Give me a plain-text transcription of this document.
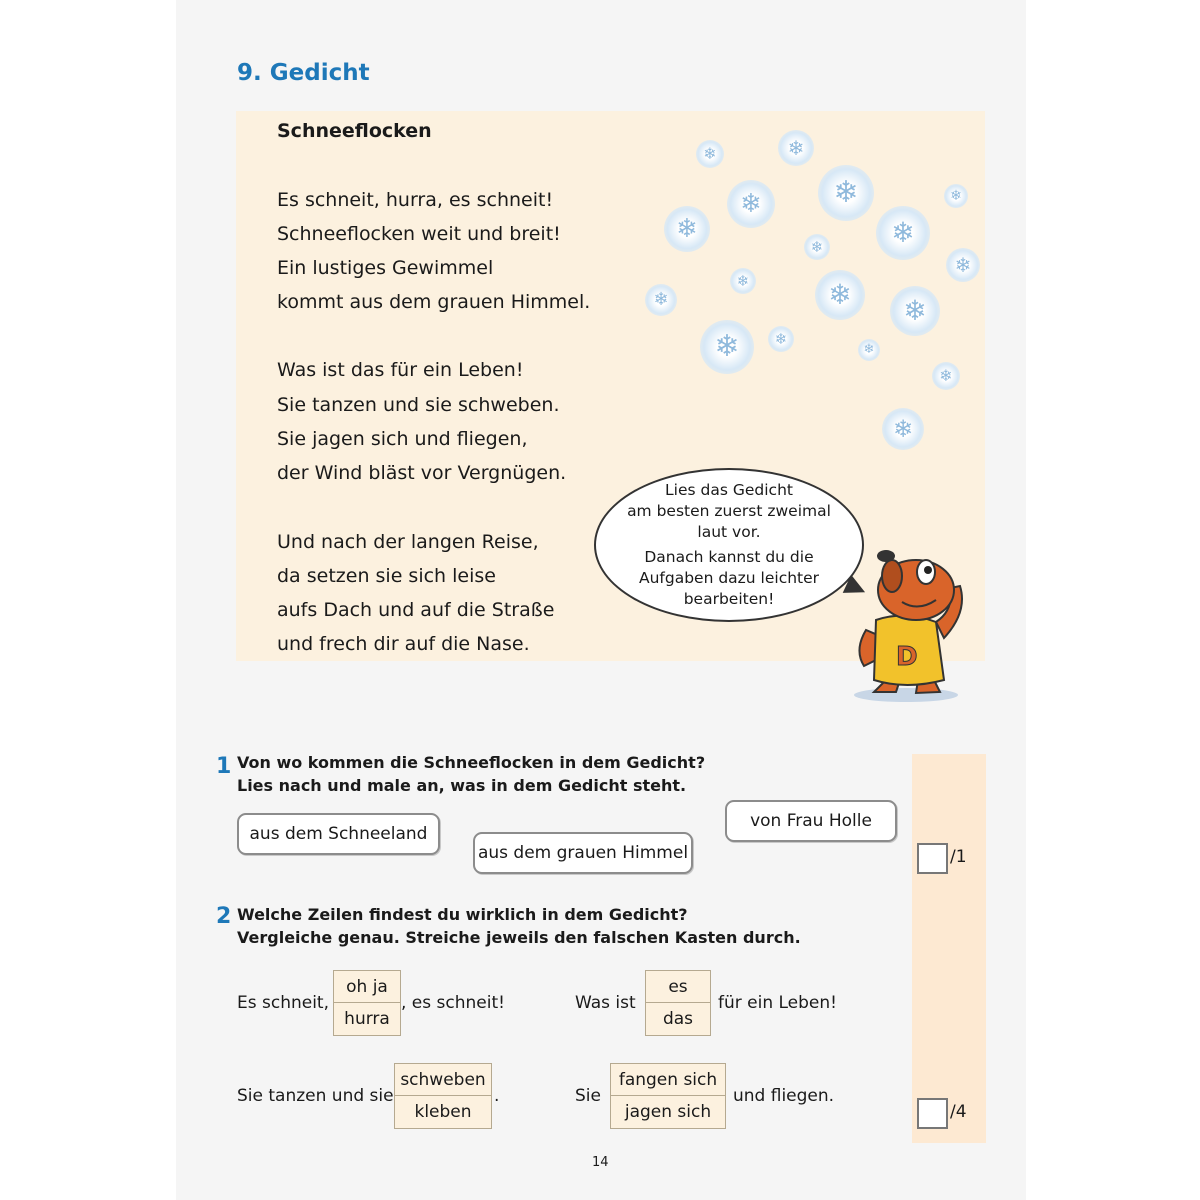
9. Gedicht
Schneeflocken
Es schneit, hurra, es schneit!
Schneeflocken weit und breit!
Ein lustiges Gewimmel
kommt aus dem grauen Himmel.
Was ist das für ein Leben!
Sie tanzen und sie schweben.
Sie jagen sich und fliegen,
der Wind bläst vor Vergnügen.
Und nach der langen Reise,
da setzen sie sich leise
aufs Dach und auf die Straße
und frech dir auf die Nase.
❄	❄
❄	❄	❄
❄	❄
❄
❄
❄	❄
❄	❄
❄	❄
❄
❄
❄
Lies das Gedicht
am besten zuerst zweimal
laut vor.
Danach kannst du die
Aufgaben dazu leichter
bearbeiten!
D
1 Von wo kommen die Schneeflocken in dem Gedicht?
Lies nach und male an, was in dem Gedicht steht.
aus dem Schneeland
aus dem grauen Himmel
von Frau Holle
/1
/4
2 Welche Zeilen findest du wirklich in dem Gedicht?
Vergleiche genau. Streiche jeweils den falschen Kasten durch.
Es schneit,
oh ja
hurra
, es schneit!	Was ist
es
das
für ein Leben!
Sie tanzen und sie
schweben
kleben
.	Sie
fangen sich
jagen sich
und fliegen.
14
